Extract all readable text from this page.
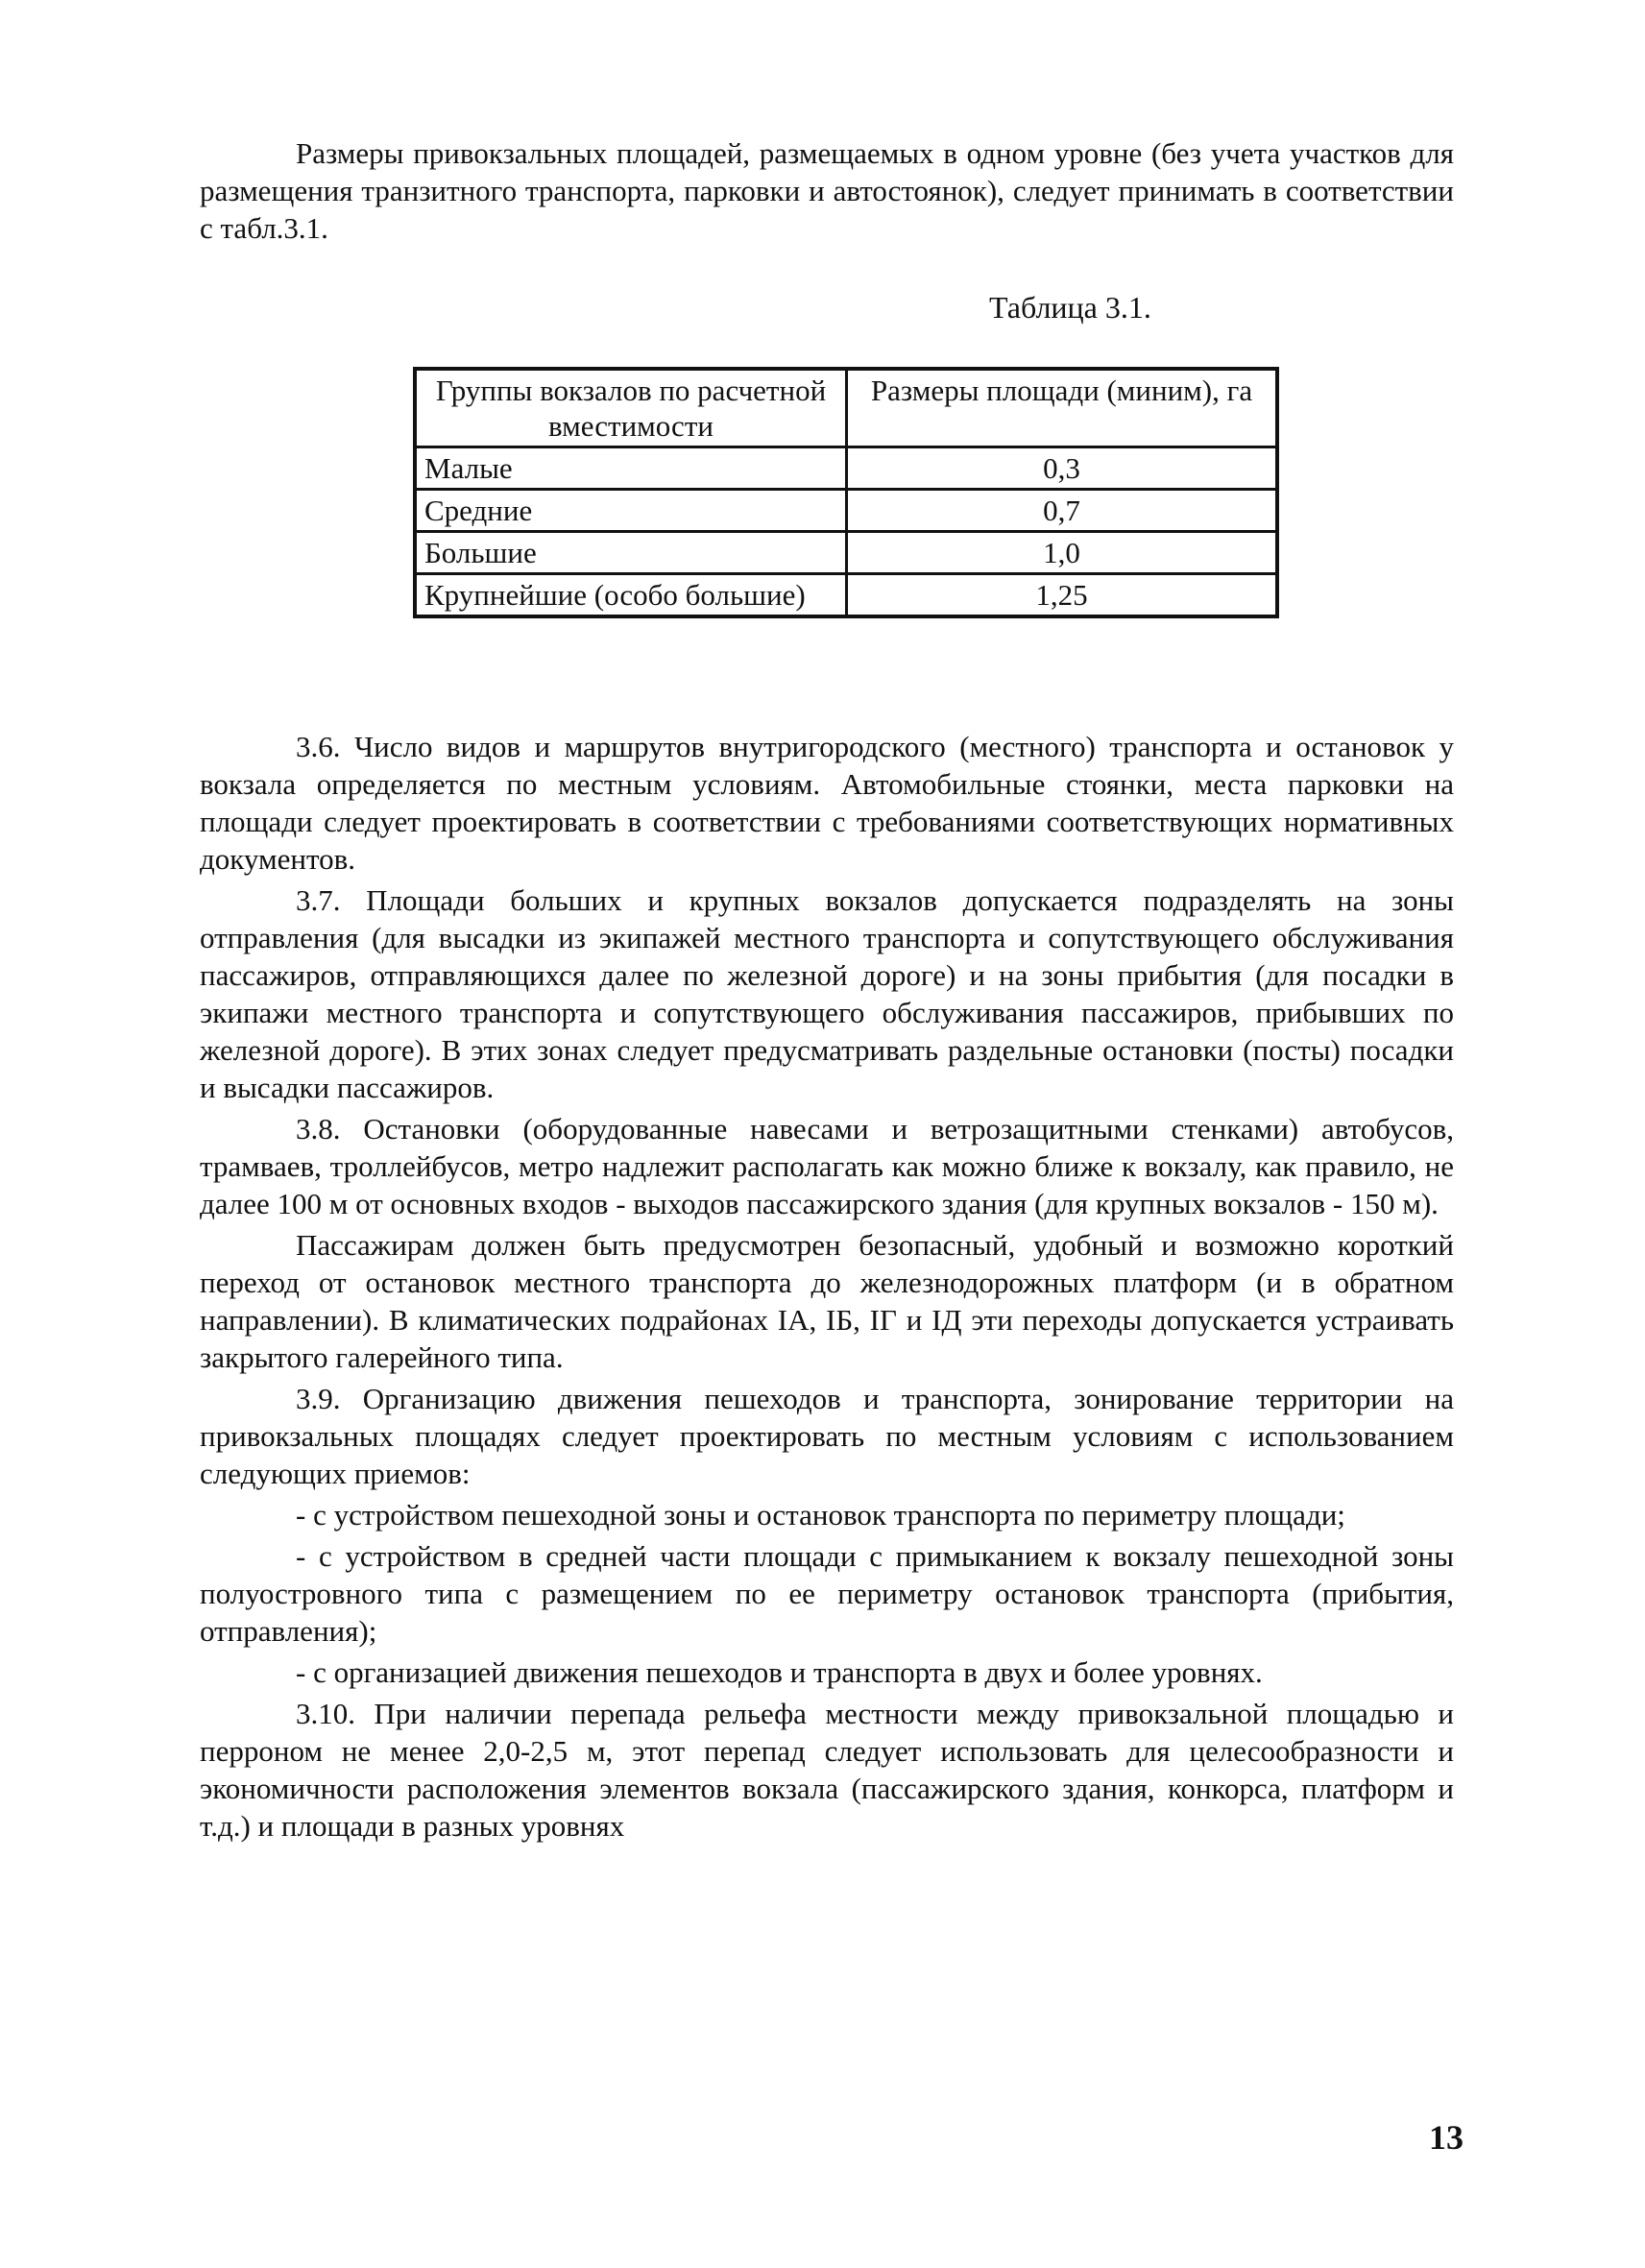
Размеры привокзальных площадей, размещаемых в одном уровне (без учета участков для размещения транзитного транспорта, парковки и автостоянок), следует принимать в соответствии с табл.3.1.

Таблица 3.1.

Группы вокзалов по расчетной вместимости	Размеры площади (миним), га
Малые	0,3
Средние	0,7
Большие	1,0
Крупнейшие (особо большие)	1,25

3.6. Число видов и маршрутов внутригородского (местного) транспорта и остановок у вокзала определяется по местным условиям. Автомобильные стоянки, места парковки на площади следует проектировать в соответствии с требованиями соответствующих нормативных документов.

3.7. Площади больших и крупных вокзалов допускается подразделять на зоны отправления (для высадки из экипажей местного транспорта и сопутствующего обслуживания пассажиров, отправляющихся далее по железной дороге) и на зоны прибытия (для посадки в экипажи местного транспорта и сопутствующего обслуживания пассажиров, прибывших по железной дороге). В этих зонах следует предусматривать раздельные остановки (посты) посадки и высадки пассажиров.

3.8. Остановки (оборудованные навесами и ветрозащитными стенками) автобусов, трамваев, троллейбусов, метро надлежит располагать как можно ближе к вокзалу, как правило, не далее 100 м от основных входов - выходов пассажирского здания (для крупных вокзалов - 150 м).

Пассажирам должен быть предусмотрен безопасный, удобный и возможно короткий переход от остановок местного транспорта до железнодорожных платформ (и в обратном направлении). В климатических подрайонах IA, IБ, IГ и IД эти переходы допускается устраивать закрытого галерейного типа.

3.9. Организацию движения пешеходов и транспорта, зонирование территории на привокзальных площадях следует проектировать по местным условиям с использованием следующих приемов:

- с устройством пешеходной зоны и остановок транспорта по периметру площади;

- с устройством в средней части площади с примыканием к вокзалу пешеходной зоны полуостровного типа с размещением по ее периметру остановок транспорта (прибытия, отправления);

- с организацией движения пешеходов и транспорта в двух и более уровнях.

3.10. При наличии перепада рельефа местности между привокзальной площадью и перроном не менее 2,0-2,5 м, этот перепад следует использовать для целесообразности и экономичности расположения элементов вокзала (пассажирского здания, конкорса, платформ и т.д.) и площади в разных уровнях

13
